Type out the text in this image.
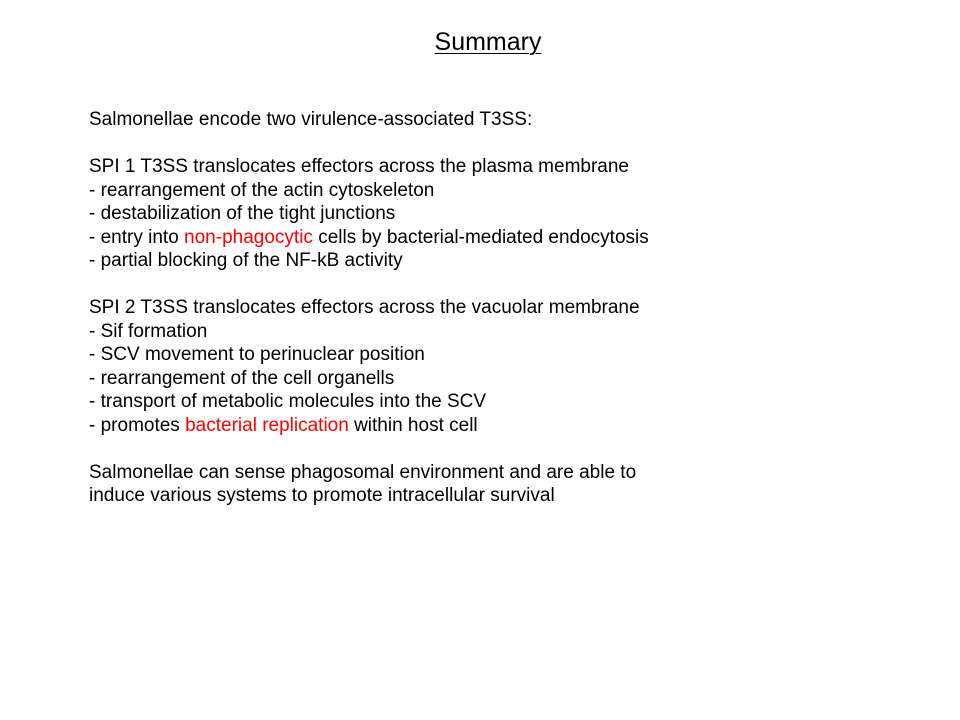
Summary
Salmonellae encode two virulence-associated T3SS:
SPI 1 T3SS translocates effectors across the plasma membrane
- rearrangement of the actin cytoskeleton
- destabilization of the tight junctions
- entry into non-phagocytic cells by bacterial-mediated endocytosis
- partial blocking of the NF-kB activity
SPI 2 T3SS translocates effectors across the vacuolar membrane
- Sif formation
- SCV movement to perinuclear position
- rearrangement of the cell organells
- transport of metabolic molecules into the SCV
- promotes bacterial replication within host cell
Salmonellae can sense phagosomal environment and are able to
induce various systems to promote intracellular survival
